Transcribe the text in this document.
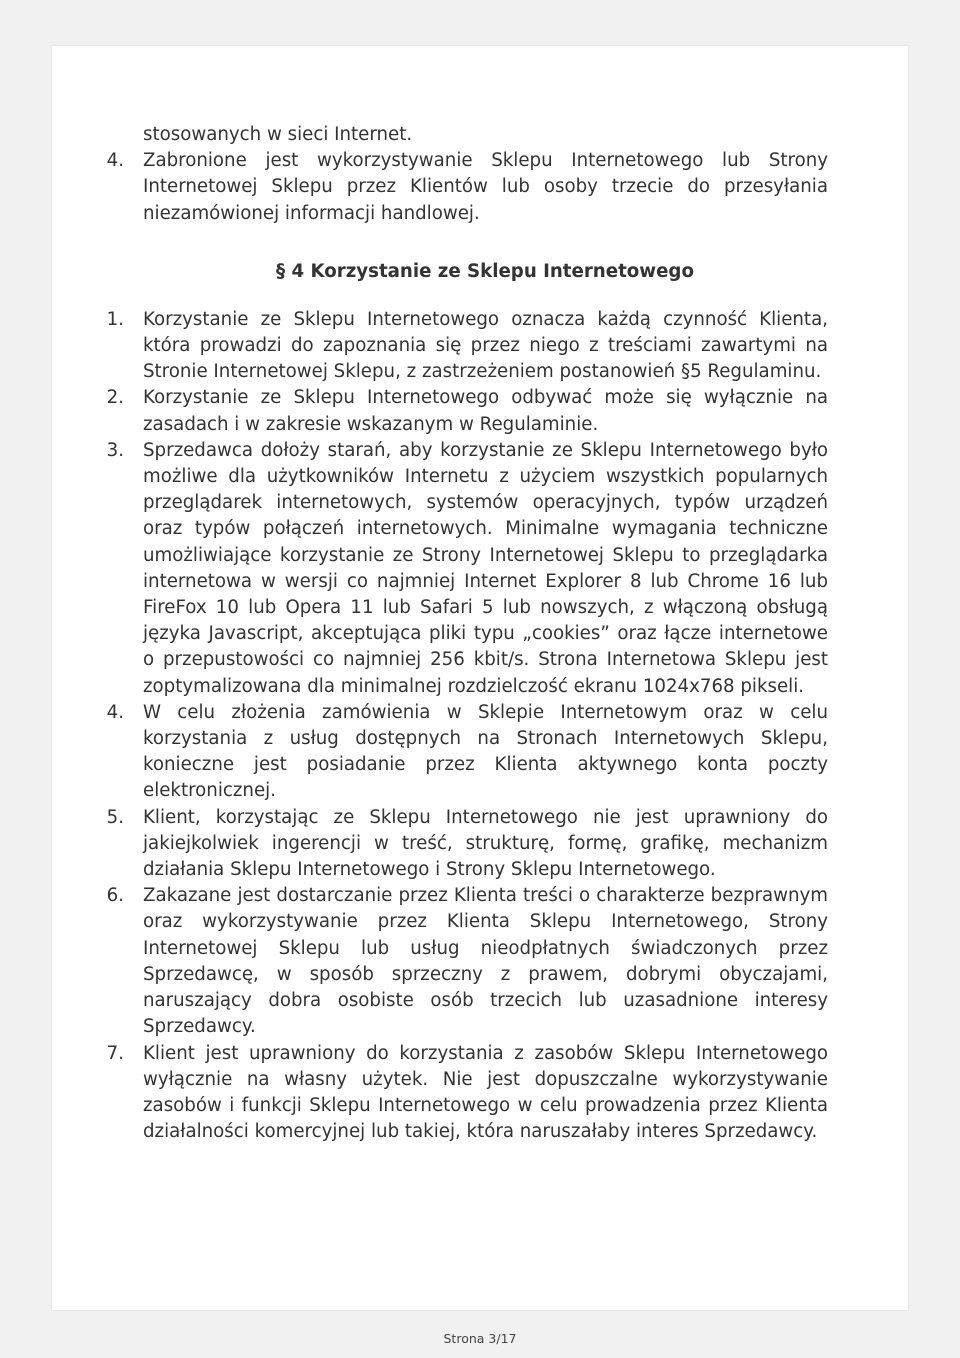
stosowanych w sieci Internet.

4. Zabronione jest wykorzystywanie Sklepu Internetowego lub Strony Internetowej Sklepu przez Klientów lub osoby trzecie do przesyłania niezamówionej informacji handlowej.
§ 4 Korzystanie ze Sklepu Internetowego
1. Korzystanie ze Sklepu Internetowego oznacza każdą czynność Klienta, która prowadzi do zapoznania się przez niego z treściami zawartymi na Stronie Internetowej Sklepu, z zastrzeżeniem postanowień §5 Regulaminu.
2. Korzystanie ze Sklepu Internetowego odbywać może się wyłącznie na zasadach i w zakresie wskazanym w Regulaminie.
3. Sprzedawca dołoży starań, aby korzystanie ze Sklepu Internetowego było możliwe dla użytkowników Internetu z użyciem wszystkich popularnych przeglądarek internetowych, systemów operacyjnych, typów urządzeń oraz typów połączeń internetowych. Minimalne wymagania techniczne umożliwiające korzystanie ze Strony Internetowej Sklepu to przeglądarka internetowa w wersji co najmniej Internet Explorer 8 lub Chrome 16 lub FireFox 10 lub Opera 11 lub Safari 5 lub nowszych, z włączoną obsługą języka Javascript, akceptująca pliki typu „cookies” oraz łącze internetowe o przepustowości co najmniej 256 kbit/s. Strona Internetowa Sklepu jest zoptymalizowana dla minimalnej rozdzielczość ekranu 1024x768 pikseli.
4. W celu złożenia zamówienia w Sklepie Internetowym oraz w celu korzystania z usług dostępnych na Stronach Internetowych Sklepu, konieczne jest posiadanie przez Klienta aktywnego konta poczty elektronicznej.
5. Klient, korzystając ze Sklepu Internetowego nie jest uprawniony do jakiejkolwiek ingerencji w treść, strukturę, formę, grafikę, mechanizm działania Sklepu Internetowego i Strony Sklepu Internetowego.
6. Zakazane jest dostarczanie przez Klienta treści o charakterze bezprawnym oraz wykorzystywanie przez Klienta Sklepu Internetowego, Strony Internetowej Sklepu lub usług nieodpłatnych świadczonych przez Sprzedawcę, w sposób sprzeczny z prawem, dobrymi obyczajami, naruszający dobra osobiste osób trzecich lub uzasadnione interesy Sprzedawcy.
7. Klient jest uprawniony do korzystania z zasobów Sklepu Internetowego wyłącznie na własny użytek. Nie jest dopuszczalne wykorzystywanie zasobów i funkcji Sklepu Internetowego w celu prowadzenia przez Klienta działalności komercyjnej lub takiej, która naruszałaby interes Sprzedawcy.
Strona 3/17
